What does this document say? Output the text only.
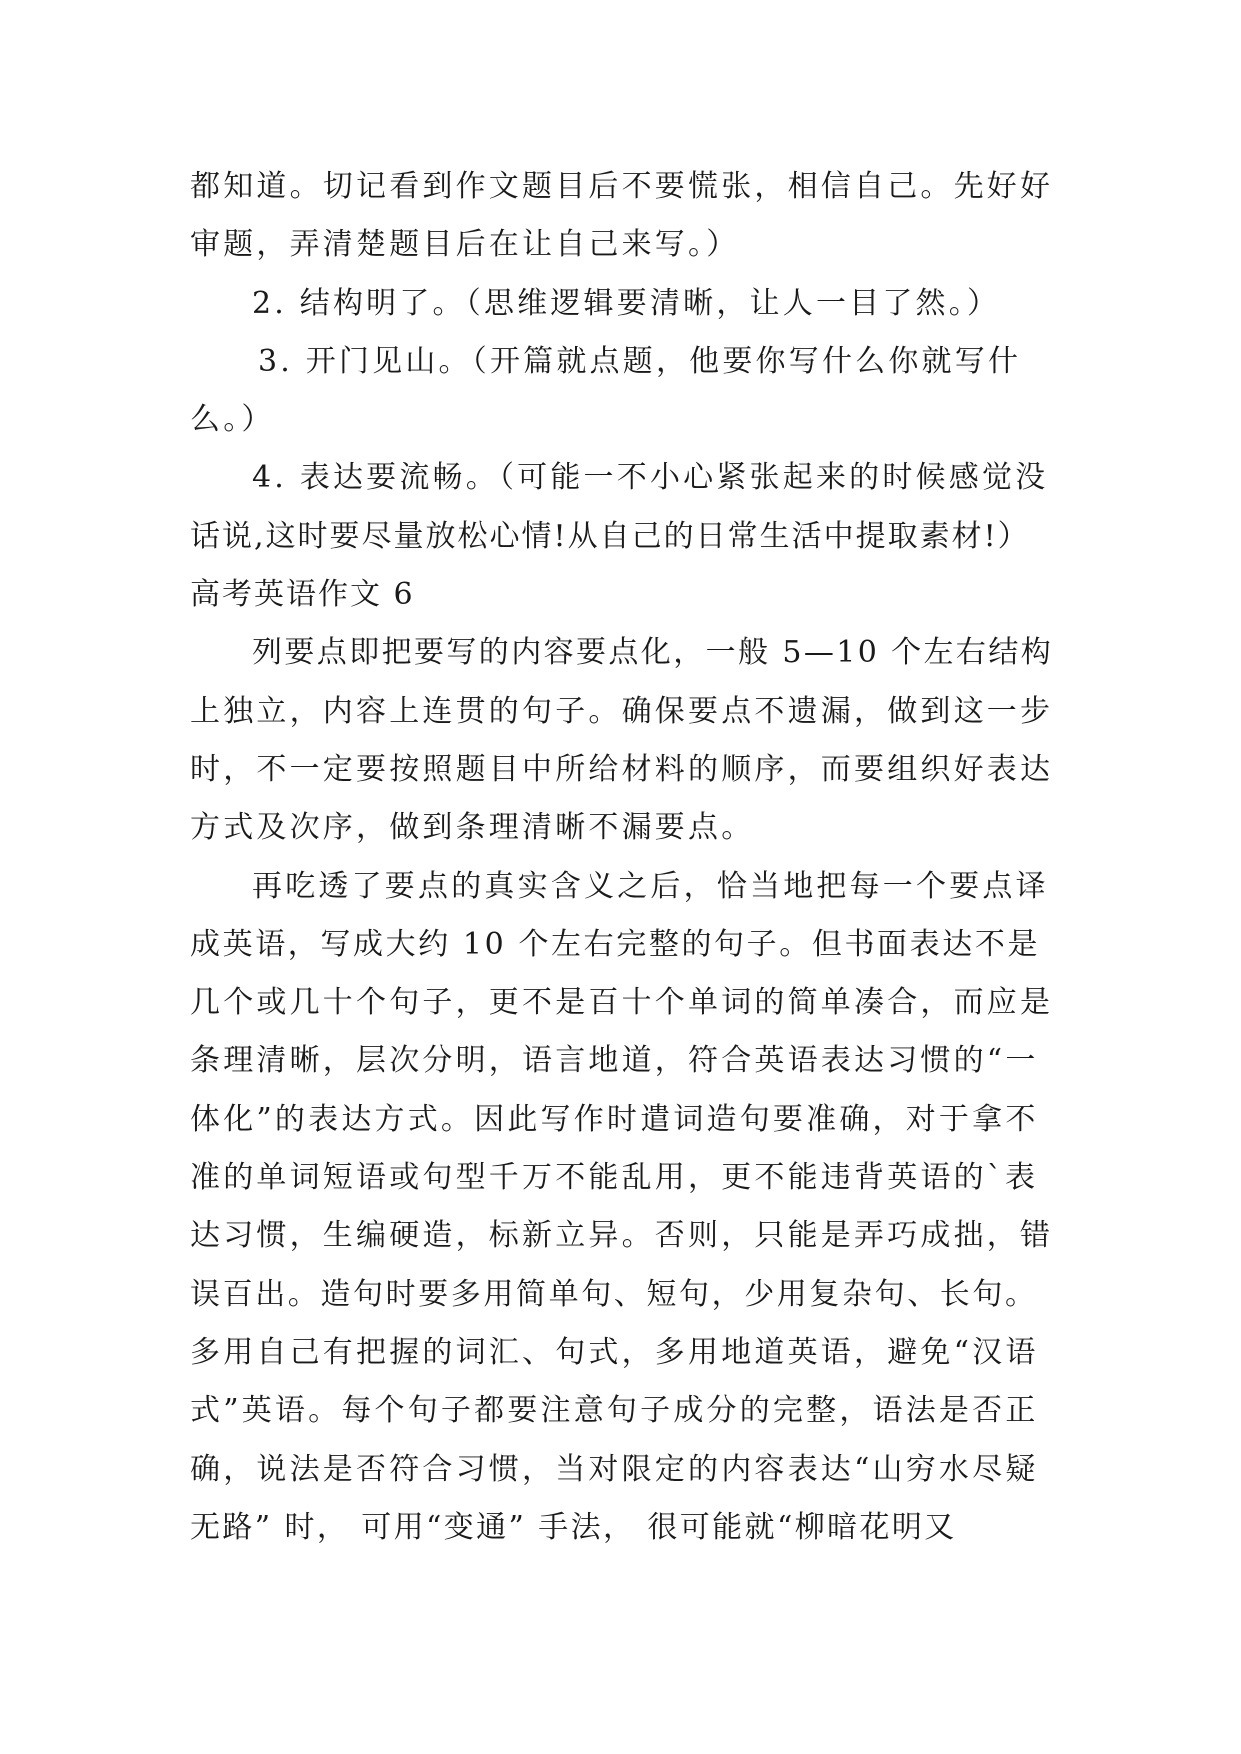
都知道。切记看到作文题目后不要慌张，相信自己。先好好
审题，弄清楚题目后在让自己来写。）
2. 结构明了。（思维逻辑要清晰，让人一目了然。）
3. 开门见山。（开篇就点题，他要你写什么你就写什
么。）
4. 表达要流畅。（可能一不小心紧张起来的时候感觉没
话说,这时要尽量放松心情!从自己的日常生活中提取素材!）
高考英语作文 6
列要点即把要写的内容要点化，一般 5—10 个左右结构
上独立，内容上连贯的句子。确保要点不遗漏，做到这一步
时，不一定要按照题目中所给材料的顺序，而要组织好表达
方式及次序，做到条理清晰不漏要点。
再吃透了要点的真实含义之后，恰当地把每一个要点译
成英语，写成大约 10 个左右完整的句子。但书面表达不是
几个或几十个句子，更不是百十个单词的简单凑合，而应是
条理清晰，层次分明，语言地道，符合英语表达习惯的“一
体化”的表达方式。因此写作时遣词造句要准确，对于拿不
准的单词短语或句型千万不能乱用，更不能违背英语的`表
达习惯，生编硬造，标新立异。否则，只能是弄巧成拙，错
误百出。造句时要多用简单句、短句，少用复杂句、长句。
多用自己有把握的词汇、句式，多用地道英语，避免“汉语
式”英语。每个句子都要注意句子成分的完整，语法是否正
确，说法是否符合习惯，当对限定的内容表达“山穷水尽疑
无路” 时， 可用“变通” 手法， 很可能就“柳暗花明又
